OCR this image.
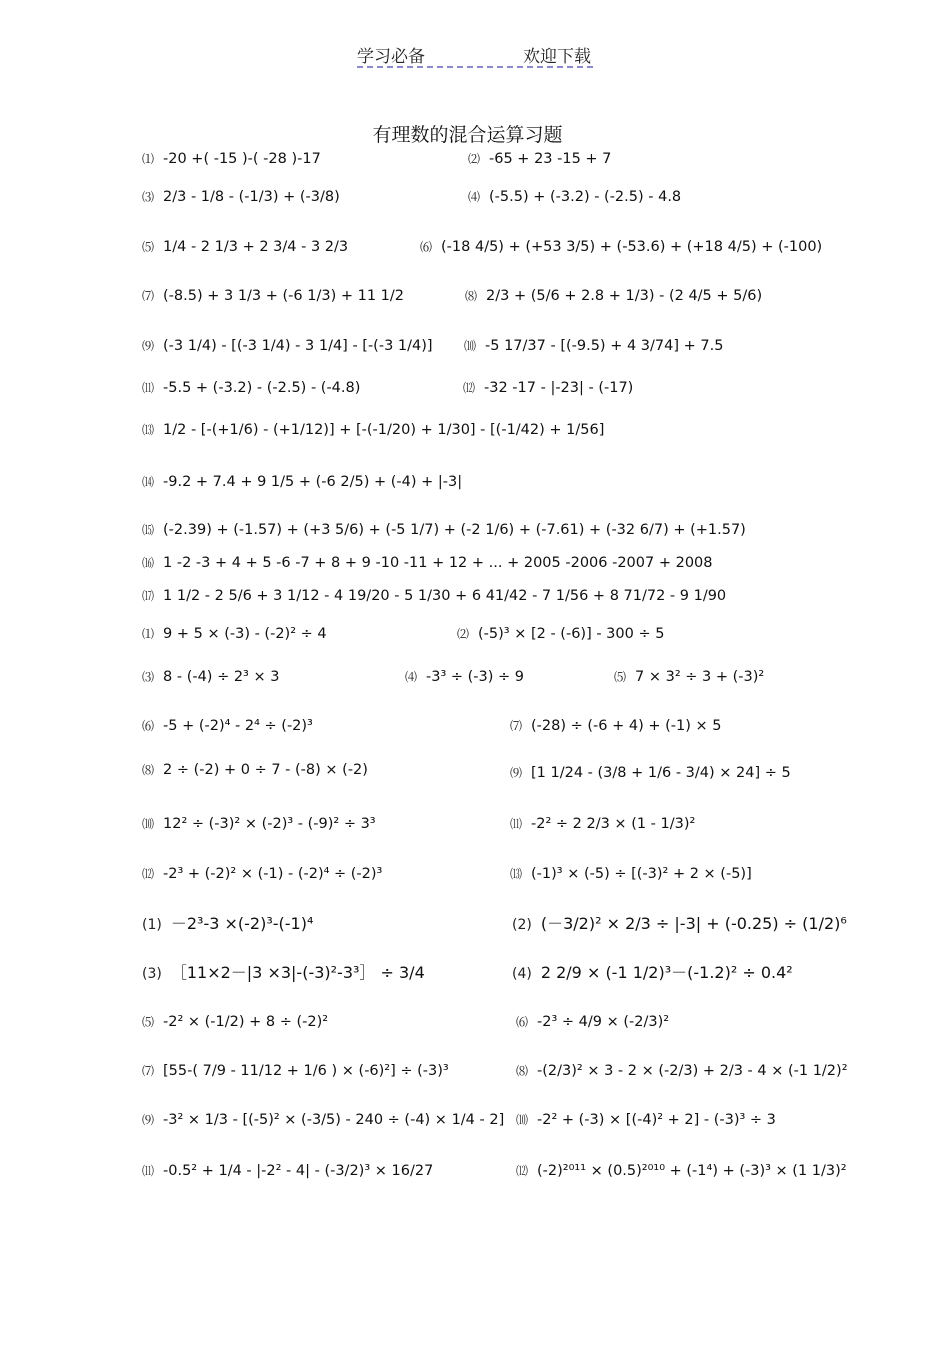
学习必备	欢迎下载
有理数的混合运算习题
⑴ -20 +( -15 )-( -28 )-17	⑵ -65 + 23 -15 + 7
⑶ 2/3 - 1/8 - (-1/3) + (-3/8)	⑷ (-5.5) + (-3.2) - (-2.5) - 4.8
⑸ 1/4 - 2 1/3 + 2 3/4 - 3 2/3	⑹ (-18 4/5) + (+53 3/5) + (-53.6) + (+18 4/5) + (-100)
⑺ (-8.5) + 3 1/3 + (-6 1/3) + 11 1/2	⑻ 2/3 + (5/6 + 2.8 + 1/3) - (2 4/5 + 5/6)
⑼ (-3 1/4) - [(-3 1/4) - 3 1/4] - [-(-3 1/4)]	⑽ -5 17/37 - [(-9.5) + 4 3/74] + 7.5
⑾ -5.5 + (-3.2) - (-2.5) - (-4.8)	⑿ -32 -17 - |-23| - (-17)
⒀ 1/2 - [-(+1/6) - (+1/12)] + [-(-1/20) + 1/30] - [(-1/42) + 1/56]
⒁ -9.2 + 7.4 + 9 1/5 + (-6 2/5) + (-4) + |-3|
⒂ (-2.39) + (-1.57) + (+3 5/6) + (-5 1/7) + (-2 1/6) + (-7.61) + (-32 6/7) + (+1.57)
⒃ 1 -2 -3 + 4 + 5 -6 -7 + 8 + 9 -10 -11 + 12 + ... + 2005 -2006 -2007 + 2008
⒄ 1 1/2 - 2 5/6 + 3 1/12 - 4 19/20 - 5 1/30 + 6 41/42 - 7 1/56 + 8 71/72 - 9 1/90
⑴ 9 + 5 × (-3) - (-2)² ÷ 4	⑵ (-5)³ × [2 - (-6)] - 300 ÷ 5
⑶ 8 - (-4) ÷ 2³ × 3	⑷ -3³ ÷ (-3) ÷ 9	⑸ 7 × 3² ÷ 3 + (-3)²
⑹ -5 + (-2)⁴ - 2⁴ ÷ (-2)³	⑺ (-28) ÷ (-6 + 4) + (-1) × 5
⑻ 2 ÷ (-2) + 0 ÷ 7 - (-8) × (-2)	⑼ [1 1/24 - (3/8 + 1/6 - 3/4) × 24] ÷ 5
⑽ 12² ÷ (-3)² × (-2)³ - (-9)² ÷ 3³	⑾ -2² ÷ 2 2/3 × (1 - 1/3)²
⑿ -2³ + (-2)² × (-1) - (-2)⁴ ÷ (-2)³	⒀ (-1)³ × (-5) ÷ [(-3)² + 2 × (-5)]
(1) －2³-3 ×(-2)³-(-1)⁴	(2) (－3/2)² × 2/3 ÷ |-3| + (-0.25) ÷ (1/2)⁶
(3) ［11×2－|3 ×3|-(-3)²-3³］ ÷ 3/4	(4) 2 2/9 × (-1 1/2)³－(-1.2)² ÷ 0.4²
⑸ -2² × (-1/2) + 8 ÷ (-2)²	⑹ -2³ ÷ 4/9 × (-2/3)²
⑺ [55-( 7/9 - 11/12 + 1/6 ) × (-6)²] ÷ (-3)³	⑻ -(2/3)² × 3 - 2 × (-2/3) + 2/3 - 4 × (-1 1/2)²
⑼ -3² × 1/3 - [(-5)² × (-3/5) - 240 ÷ (-4) × 1/4 - 2] ⑽ -2² + (-3) × [(-4)² + 2] - (-3)³ ÷ 3
⑾ -0.5² + 1/4 - |-2² - 4| - (-3/2)³ × 16/27	⑿ (-2)²⁰¹¹ × (0.5)²⁰¹⁰ + (-1⁴) + (-3)³ × (1 1/3)²
